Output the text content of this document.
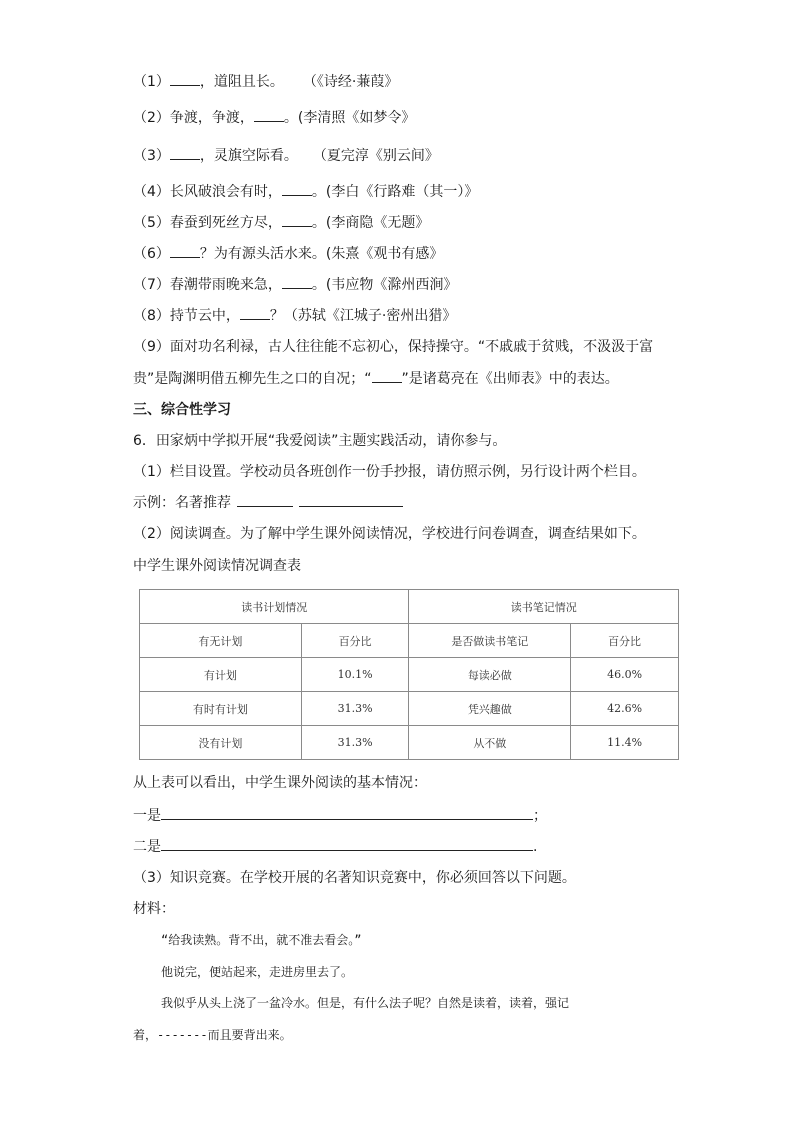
（1） ，道阻且长。 （《诗经·蒹葭》
（2）争渡，争渡， 。(李清照《如梦令》
（3） ，灵旗空际看。 （夏完淳《别云间》
（4）长风破浪会有时， 。(李白《行路难（其一）》
（5）春蚕到死丝方尽， 。(李商隐《无题》
（6） ？为有源头活水来。(朱熹《观书有感》
（7）春潮带雨晚来急， 。(韦应物《滁州西涧》
（8）持节云中， ？（苏轼《江城子·密州出猎》
（9）面对功名利禄，古人往往能不忘初心，保持操守。“不戚戚于贫贱，不汲汲于富
贵”是陶渊明借五柳先生之口的自况；“ ”是诸葛亮在《出师表》中的表达。
三、综合性学习
6．田家炳中学拟开展“我爱阅读”主题实践活动，请你参与。
（1）栏目设置。学校动员各班创作一份手抄报，请仿照示例，另行设计两个栏目。
示例：名著推荐
（2）阅读调查。为了解中学生课外阅读情况，学校进行问卷调查，调查结果如下。
中学生课外阅读情况调查表
读书计划情况		读书笔记情况	
有无计划	百分比	是否做读书笔记	百分比
有计划	10.1%	每读必做	46.0%
有时有计划	31.3%	凭兴趣做	42.6%
没有计划	31.3%	从不做	11.4%
从上表可以看出，中学生课外阅读的基本情况：
一是	；
二是	.
（3）知识竞赛。在学校开展的名著知识竞赛中，你必须回答以下问题。
材料：
“给我读熟。背不出，就不准去看会。”
他说完，便站起来，走进房里去了。
我似乎从头上浇了一盆冷水。但是，有什么法子呢？自然是读着，读着，强记
着，-------而且要背出来。
